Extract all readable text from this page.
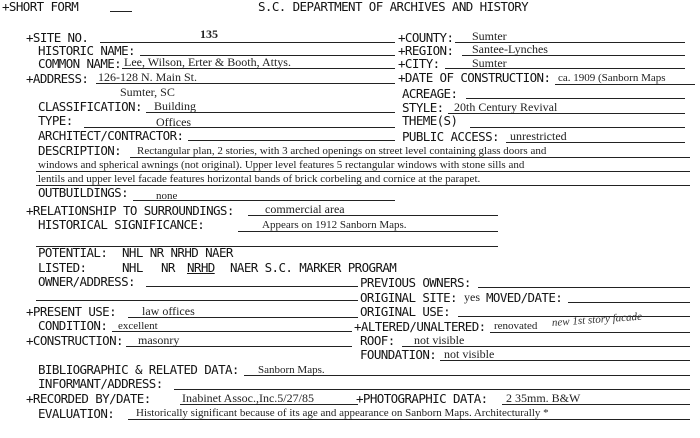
+SHORT FORM	S.C. DEPARTMENT OF ARCHIVES AND HISTORY
+SITE NO.	135	+COUNTY: Sumter
HISTORIC NAME:	+REGION: Santee-Lynches
COMMON NAME: Lee, Wilson, Erter & Booth, Attys.	+CITY:	Sumter
+ADDRESS: 126-128 N. Main St.	+DATE OF CONSTRUCTION: ca. 1909 (Sanborn Maps
Sumter, SC	ACREAGE:
CLASSIFICATION: Building	STYLE: 20th Century Revival
TYPE:	Offices	THEME(S)
ARCHITECT/CONTRACTOR:	PUBLIC ACCESS: unrestricted
DESCRIPTION: Rectangular plan, 2 stories, with 3 arched openings on street level containing glass doors and
windows and spherical awnings (not original). Upper level features 5 rectangular windows with stone sills and
lentils and upper level facade features horizontal bands of brick corbeling and cornice at the parapet.
OUTBUILDINGS:	none
+RELATIONSHIP TO SURROUNDINGS:	commercial area
HISTORICAL SIGNIFICANCE:	Appears on 1912 Sanborn Maps.
POTENTIAL: NHL NR NRHD NAER
LISTED:	NHL NR NRHD NAER S.C. MARKER PROGRAM
OWNER/ADDRESS:	PREVIOUS OWNERS:
ORIGINAL SITE: yes MOVED/DATE:
ORIGINAL USE:
+PRESENT USE: law offices
CONDITION: excellent	+ALTERED/UNALTERED: renovated new 1st story facade
+CONSTRUCTION: masonry	ROOF: not visible
FOUNDATION: not visible
BIBLIOGRAPHIC & RELATED DATA: Sanborn Maps.
INFORMANT/ADDRESS:
+RECORDED BY/DATE:	Inabinet Assoc.,Inc.5/27/85	+PHOTOGRAPHIC DATA: 2 35mm. B&W
EVALUATION: Historically significant because of its age and appearance on Sanborn Maps. Architecturally *
